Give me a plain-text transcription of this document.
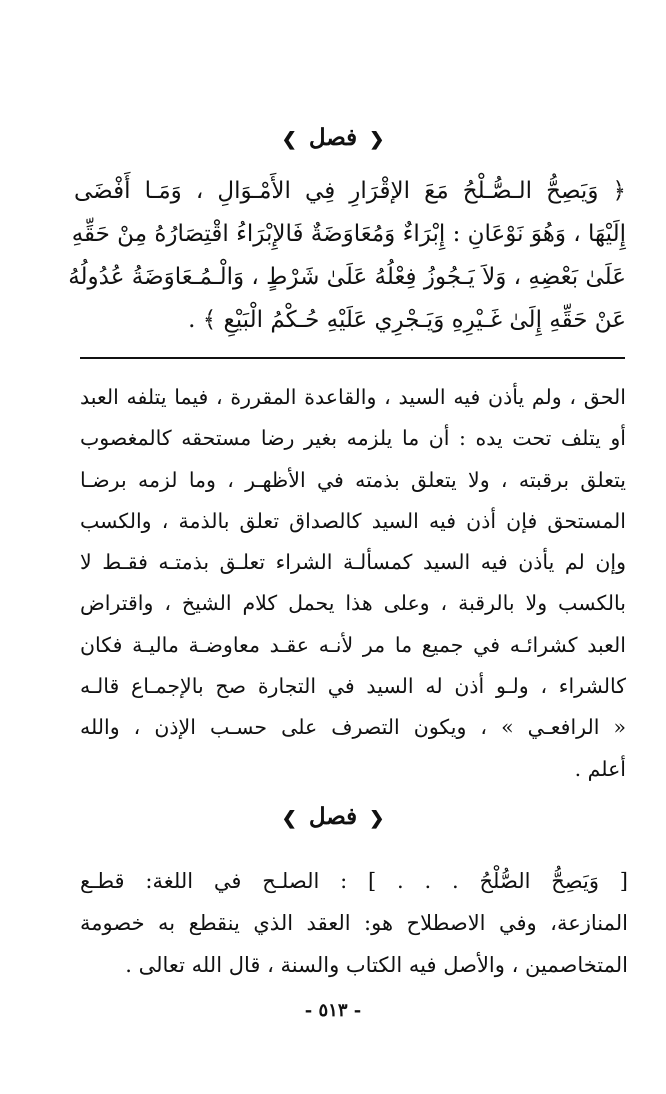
❮ فصل ❯
﴿ وَيَصِحُّ الـصُّـلْحُ مَعَ الإقْرَارِ فِي الأَمْـوَالِ ، وَمَـا أَفْضَى
إِلَيْهَا ، وَهُوَ نَوْعَانِ : إِبْرَاءٌ وَمُعَاوَضَةٌ فَالإِبْرَاءُ اقْتِصَارُهُ مِنْ حَقِّهِ
عَلَىٰ بَعْضِهِ ، وَلاَ يَـجُوزُ فِعْلُهُ عَلَىٰ شَرْطٍ ، وَالْـمُـعَاوَضَةُ عُدُولُهُ
عَنْ حَقِّهِ إِلَىٰ غَـيْرِهِ وَيَـجْرِي عَلَيْهِ حُـكْمُ الْبَيْعِ ﴾ .
الحق ، ولم يأذن فيه السيد ، والقاعدة المقررة ، فيما يتلفه العبد
أو يتلف تحت يده : أن ما يلزمه بغير رضا مستحقه كالمغصوب
يتعلق برقبته ، ولا يتعلق بذمته في الأظهـر ، وما لزمه برضـا
المستحق فإن أذن فيه السيد كالصداق تعلق بالذمة ، والكسب
وإن لم يأذن فيه السيد كمسألـة الشراء تعلـق بذمتـه فقـط لا
بالكسب ولا بالرقبة ، وعلى هذا يحمل كلام الشيخ ، واقتراض
العبد كشرائـه في جميع ما مر لأنـه عقـد معاوضـة ماليـة فكان
كالشراء ، ولـو أذن له السيد في التجارة صح بالإجمـاع قالـه
« الرافعـي » ، ويكون التصرف على حسـب الإذن ، والله
أعلم .
❮ فصل ❯
[ وَيَصِحُّ الصُّلْحُ . . . ] : الصلـح في اللغة: قطـع
المنازعة، وفي الاصطلاح هو: العقد الذي ينقطع به خصومة
المتخاصمين ، والأصل فيه الكتاب والسنة ، قال الله تعالى .
- ٥١٣ -
